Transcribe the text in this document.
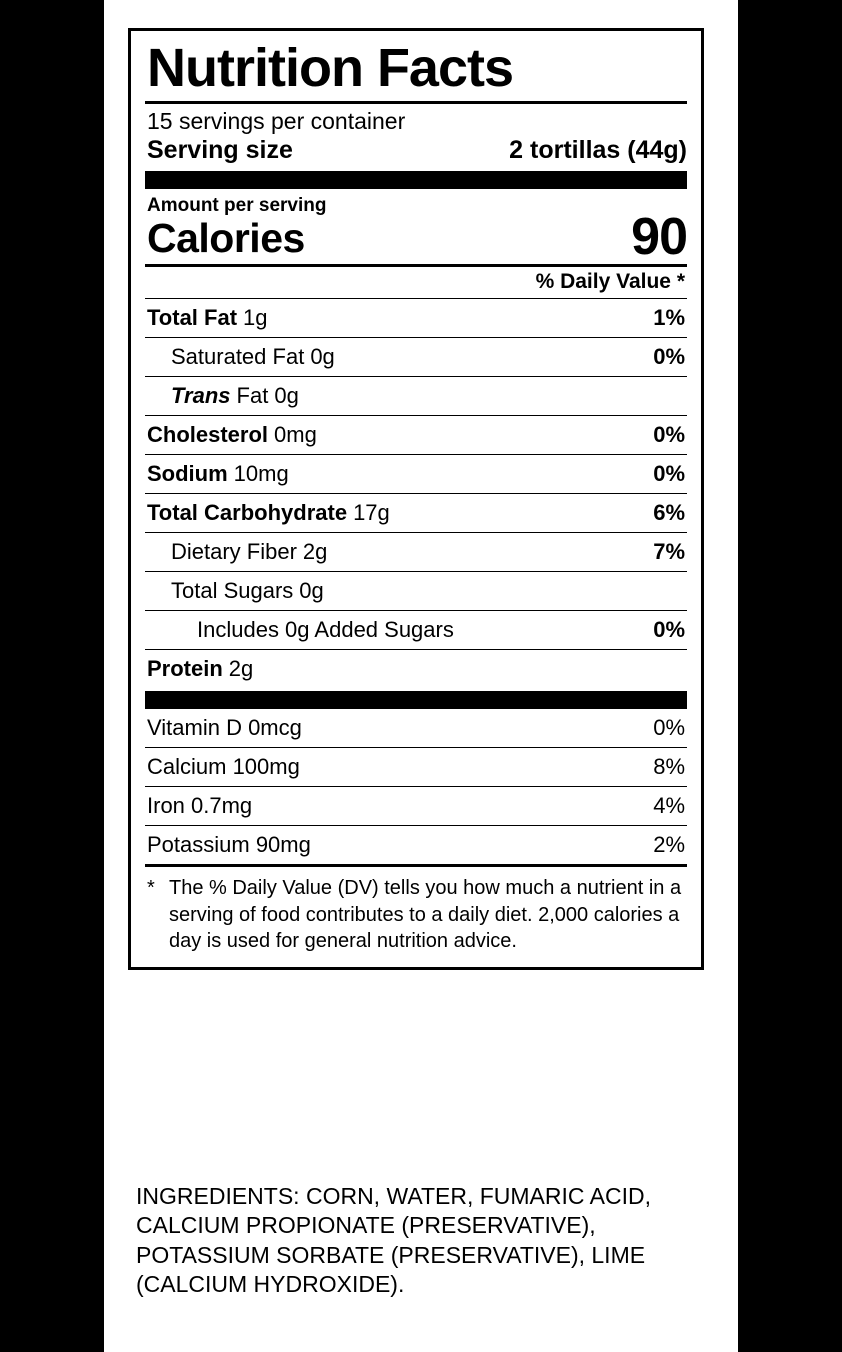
Nutrition Facts
15 servings per container
Serving size	2 tortillas (44g)
Amount per serving
Calories	90
% Daily Value *
Total Fat 1g	1%
Saturated Fat 0g	0%
Trans Fat 0g
Cholesterol 0mg	0%
Sodium 10mg	0%
Total Carbohydrate 17g	6%
Dietary Fiber 2g	7%
Total Sugars 0g
Includes 0g Added Sugars	0%
Protein 2g
Vitamin D 0mcg	0%
Calcium 100mg	8%
Iron 0.7mg	4%
Potassium 90mg	2%
* The % Daily Value (DV) tells you how much a nutrient in a serving of food contributes to a daily diet. 2,000 calories a day is used for general nutrition advice.
INGREDIENTS: CORN, WATER, FUMARIC ACID, CALCIUM PROPIONATE (PRESERVATIVE), POTASSIUM SORBATE (PRESERVATIVE), LIME (CALCIUM HYDROXIDE).
